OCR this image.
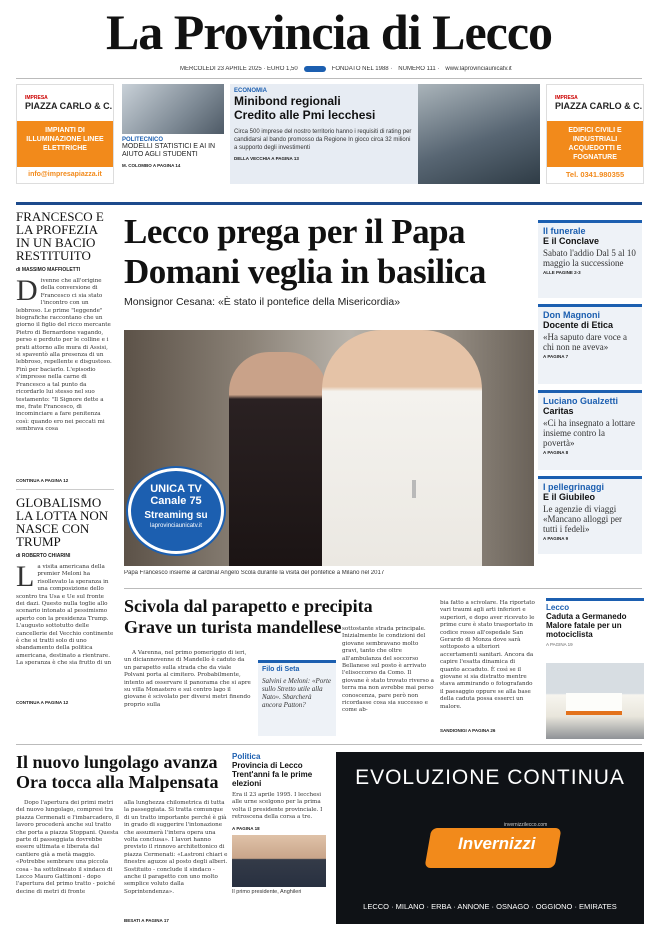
La Provincia di Lecco
MERCOLEDÌ 23 APRILE 2025 · EURO 1,50	FONDATO NEL 1988 · NUMERO 111 · www.laprovinciaunicatv.it
IMPRESA
PIAZZA CARLO & C.
IMPIANTI DI ILLUMINAZIONE LINEE ELETTRICHE
info@impresapiazza.it
POLITECNICO
MODELLI STATISTICI E AI IN AIUTO AGLI STUDENTI
M. COLOMBO A PAGINA 14
ECONOMIA
Minibond regionali
Credito alle Pmi lecchesi
Circa 500 imprese del nostro territorio hanno i requisiti di rating per candidarsi al bando promosso da Regione In gioco circa 32 milioni a supporto degli investimenti
DELLA VECCHIA A PAGINA 13
IMPRESA
PIAZZA CARLO & C.
EDIFICI CIVILI E INDUSTRIALI ACQUEDOTTI E FOGNATURE
Tel. 0341.980355
FRANCESCO E LA PROFEZIA IN UN BACIO RESTITUITO
di MASSIMO MAFFIOLETTI
Divenne che all'origine della conversione di Francesco ci sia stato l'incontro con un lebbroso. Le prime "leggende" biografiche raccontano che un giorno il figlio del ricco mercante Pietro di Bernardone vagando, perso e perduto per le colline e i prati attorno alle mura di Assisi, si spaventò alla presenza di un lebbroso, repellente e disgustoso. Finì per baciarlo. L'episodio s'impresse nella carne di Francesco a tal punto da ricordarlo lui stesso nel suo testamento: "Il Signore dette a me, frate Francesco, di incominciare a fare penitenza così: quando ero nei peccati mi sembrava cosa
CONTINUA A PAGINA 12
GLOBALISMO LA LOTTA NON NASCE CON TRUMP
di ROBERTO CHIARINI
La visita americana della premier Meloni ha risollevato la speranza in una composizione dello scontro tra Usa e Ue sul fronte dei dazi. Questo nulla toglie allo scenario intonato al pessimismo aperto con la presidenza Trump. L'augusto sottotutto delle cancellerie del Vecchio continente è che si tratti solo di uno sbandamento della politica americana, destinato a rientrare. La speranza è che sia frutto di un
CONTINUA A PAGINA 12
Lecco prega per il Papa
Domani veglia in basilica
Monsignor Cesana: «È stato il pontefice della Misericordia»
UNICA TV
Canale 75
Streaming su
laprovinciaunicatv.it
Papa Francesco insieme al cardinal Angelo Scola durante la visita del pontefice a Milano nel 2017
Il funerale
E il Conclave
Sabato l'addio Dal 5 al 10 maggio la successione
ALLE PAGINE 2-3
Don Magnoni
Docente di Etica
«Ha saputo dare voce a chi non ne aveva»
A PAGINA 7
Luciano Gualzetti
Caritas
«Ci ha insegnato a lottare insieme contro la povertà»
A PAGINA 8
I pellegrinaggi
E il Giubileo
Le agenzie di viaggi «Mancano alloggi per tutti i fedeli»
A PAGINA 9
Scivola dal parapetto e precipita
Grave un turista mandellese
A Varenna, nel primo pomeriggio di ieri, un diciannovenne di Mandello è caduto da un parapetto sulla strada che da viale Polvani porta al cimitero. Probabilmente, intento ad osservare il panorama che si apre su villa Monastero e sul centro lago il giovane è scivolato per diversi metri finendo proprio sulla
Filo di Seta
Salvini e Meloni: «Porte sullo Stretto utile alla Nato». Sbarcherà ancora Patton?
sottostante strada principale. Inizialmente le condizioni del giovane sembravano molto gravi, tanto che oltre all'ambulanza del soccorso Bellanese sul posto è arrivato l'elisoccorso da Como. Il giovane è stato trovato riverso a terra ma non avrebbe mai perso conoscenza, pare però non ricordasse cosa sia successo e come ab-
bia fatto a scivolare. Ha riportato vari traumi agli arti inferiori e superiori, e dopo aver ricevuto le prime cure è stato trasportato in codice rosso all'ospedale San Gerardo di Monza dove sarà sottoposto a ulteriori accertamenti sanitari. Ancora da capire l'esatta dinamica di quanto accaduto. È così se il giovane si sia distratto mentre stava ammirando o fotografando il paesaggio oppure se alla base della caduta possa esserci un malore.
SANDIONIGI A PAGINA 26
Lecco
Caduta a Germanedo Malore fatale per un motociclista
A PAGINA 19
Il nuovo lungolago avanza
Ora tocca alla Malpensata
Dopo l'apertura dei primi metri del nuovo lungolago, compresi tra piazza Cermenati e l'imbarcadero, il lavoro procederà anche sul tratto che porta a piazza Stoppani. Questa parte di passeggiata dovrebbe essere ultimata e liberata dal cantiere già a metà maggio. «Potrebbe sembrare una piccola cosa - ha sottolineato il sindaco di Lecco Mauro Gattinoni - dopo l'apertura del primo tratto - poiché decine di metri di fronte
alla lunghezza chilometrica di tutta la passeggiata. Si tratta comunque di un tratto importante perché è già in grado di suggerire l'intonazione che assumerà l'intera opera una volta conclusa». I lavori hanno previsto il rinnovo architettonico di piazza Cermenati: «Lastroni chiari e finestre aguzze al posto degli alberi. Sostituito - conclude il sindaco - anche il parapetto con uno molto semplice voluto dalla Soprintendenza».
BESATI A PAGINA 17
Politica
Provincia di Lecco Trent'anni fa le prime elezioni
Era il 23 aprile 1995. I lecchesi alle urne scelgono per la prima volta il presidente provinciale. I retroscena della corsa a tre.
A PAGINA 18
Il primo presidente, Anghileri
EVOLUZIONE CONTINUA
invernizzilecco.com
Invernizzi
LECCO · MILANO · ERBA · ANNONE · OSNAGO · OGGIONO · EMIRATES
